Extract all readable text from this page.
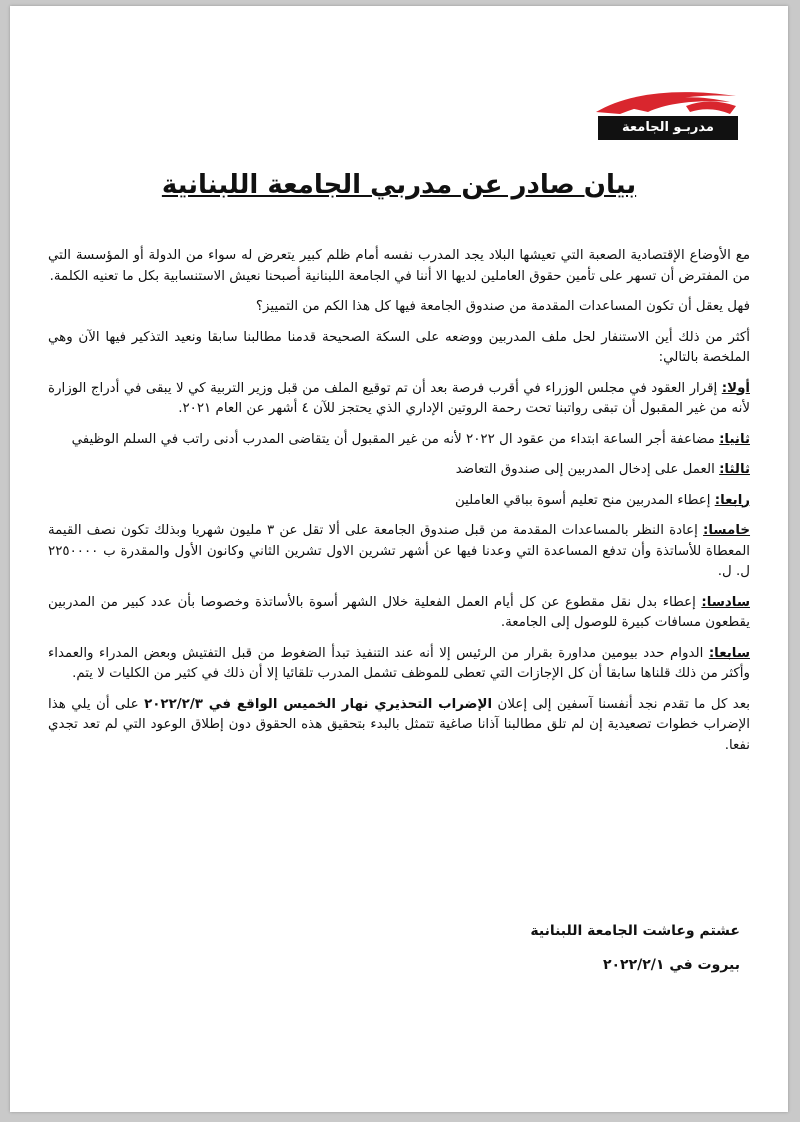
مدربـو الجامعة اللبنانية
بيان صادر عن مدربي الجامعة اللبنانية

مع الأوضاع الإقتصادية الصعبة التي تعيشها البلاد يجد المدرب نفسه أمام ظلم كبير يتعرض له سواء من الدولة أو المؤسسة التي من المفترض أن تسهر على تأمين حقوق العاملين لديها الا أننا في الجامعة اللبنانية أصبحنا نعيش الاستنسابية بكل ما تعنيه الكلمة.

فهل يعقل أن تكون المساعدات المقدمة من صندوق الجامعة فيها كل هذا الكم من التمييز؟

أكثر من ذلك أين الاستنفار لحل ملف المدربين ووضعه على السكة الصحيحة قدمنا مطالبنا سابقا ونعيد التذكير فيها الآن وهي الملخصة بالتالي:

أولا: إقرار العقود في مجلس الوزراء في أقرب فرصة بعد أن تم توقيع الملف من قبل وزير التربية كي لا يبقى في أدراج الوزارة لأنه من غير المقبول أن تبقى رواتبنا تحت رحمة الروتين الإداري الذي يحتجز للآن ٤ أشهر عن العام ٢٠٢١.

ثانيا: مضاعفة أجر الساعة ابتداء من عقود ال ٢٠٢٢ لأنه من غير المقبول أن يتقاضى المدرب أدنى راتب في السلم الوظيفي

ثالثا: العمل على إدخال المدربين إلى صندوق التعاضد

رابعا: إعطاء المدربين منح تعليم أسوة بباقي العاملين

خامسا: إعادة النظر بالمساعدات المقدمة من قبل صندوق الجامعة على ألا تقل عن ٣ مليون شهريا وبذلك تكون نصف القيمة المعطاة للأساتذة وأن تدفع المساعدة التي وعدنا فيها عن أشهر تشرين الاول تشرين الثاني وكانون الأول والمقدرة ب ٢٢٥٠٠٠٠ ل. ل.

سادسا: إعطاء بدل نقل مقطوع عن كل أيام العمل الفعلية خلال الشهر أسوة بالأساتذة وخصوصا بأن عدد كبير من المدربين يقطعون مسافات كبيرة للوصول إلى الجامعة.

سابعا: الدوام حدد بيومين مداورة بقرار من الرئيس إلا أنه عند التنفيذ تبدأ الضغوط من قبل التفتيش وبعض المدراء والعمداء وأكثر من ذلك قلناها سابقا أن كل الإجازات التي تعطى للموظف تشمل المدرب تلقائيا إلا أن ذلك في كثير من الكليات لا يتم.

بعد كل ما تقدم نجد أنفسنا آسفين إلى إعلان الإضراب التحذيري نهار الخميس الواقع في ٢٠٢٢/٢/٣ على أن يلي هذا الإضراب خطوات تصعيدية إن لم تلق مطالبنا آذانا صاغية تتمثل بالبدء بتحقيق هذه الحقوق دون إطلاق الوعود التي لم تعد تجدي نفعا.

عشتم وعاشت الجامعة اللبنانية
بيروت في ٢٠٢٢/٢/١
